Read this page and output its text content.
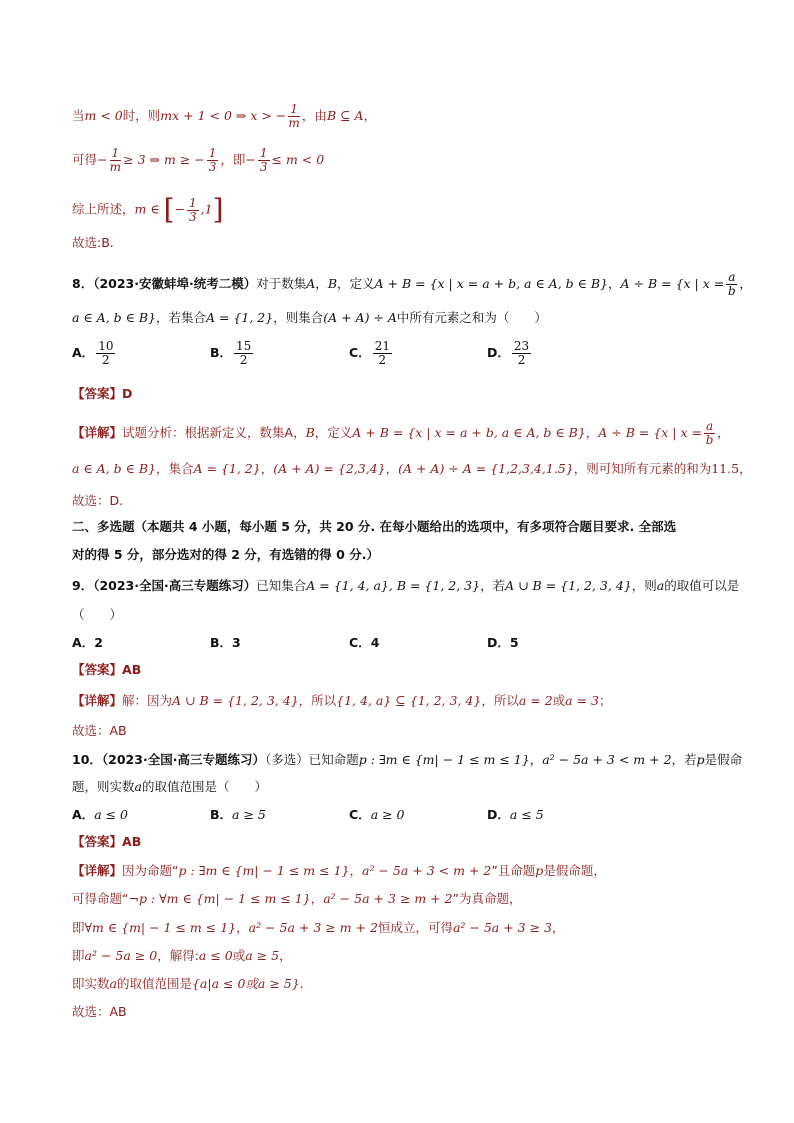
当m < 0时，则mx + 1 < 0 ⇒ x > − $\frac{1}{m}$ ，由B ⊆ A，
可得− $\frac{1}{m} \ge 3$ ⇒ m ≥ − $\frac{1}{3}$ ，即− $\frac{1}{3} \le m < 0$
综上所述，m ∈ [− $\frac{1}{3} ,1$]
故选:B.
8．（2023·安徽蚌埠·统考二模）对于数集A，B，定义A + B = {x | x = a + b, a ∈ A, b ∈ B}，A ÷ B = {x | $x = \frac{a}{b}$ ，
a ∈ A, b ∈ B}，若集合A = {1, 2}，则集合(A + A) ÷ A中所有元素之和为（　　）
A． $\frac{10}{2}$	B． $\frac{15}{2}$	C． $\frac{21}{2}$	D． $\frac{23}{2}$
【答案】D
【详解】试题分析：根据新定义，数集A，B，定义A + B = {x | x = a + b, a ∈ A, b ∈ B}，A ÷ B = {x | $x = \frac{a}{b}$ ，
a ∈ A, b ∈ B}，集合A = {1, 2}，(A + A) = {2,3,4}，(A + A) ÷ A = {1,2,3,4,1.5}，则可知所有元素的和为11.5，
故选：D.
二、多选题（本题共 4 小题，每小题 5 分，共 20 分. 在每小题给出的选项中，有多项符合题目要求. 全部选
对的得 5 分，部分选对的得 2 分，有选错的得 0 分.）
9．（2023·全国·高三专题练习）已知集合A = {1, 4, a}, B = {1, 2, 3}，若A ∪ B = {1, 2, 3, 4}，则a的取值可以是
（　　）
A．2	B．3	C．4	D．5
【答案】AB
【详解】解：因为A ∪ B = {1, 2, 3, 4}，所以{1, 4, a} ⊆ {1, 2, 3, 4}，所以a = 2或a = 3；
故选：AB
10．（2023·全国·高三专题练习）（多选）已知命题p : ∃m ∈ {m| − 1 ≤ m ≤ 1}，a² − 5a + 3 < m + 2，若p是假命
题，则实数a的取值范围是（　　）
A．a ≤ 0	B．a ≥ 5	C．a ≥ 0	D．a ≤ 5
【答案】AB
【详解】因为命题“p : ∃m ∈ {m| − 1 ≤ m ≤ 1}，a² − 5a + 3 < m + 2”且命题p是假命题，
可得命题“¬p : ∀m ∈ {m| − 1 ≤ m ≤ 1}，a² − 5a + 3 ≥ m + 2”为真命题，
即∀m ∈ {m| − 1 ≤ m ≤ 1}，a² − 5a + 3 ≥ m + 2恒成立，可得a² − 5a + 3 ≥ 3，
即a² − 5a ≥ 0，解得:a ≤ 0或a ≥ 5，
即实数a的取值范围是{a|a ≤ 0或a ≥ 5}.
故选：AB
